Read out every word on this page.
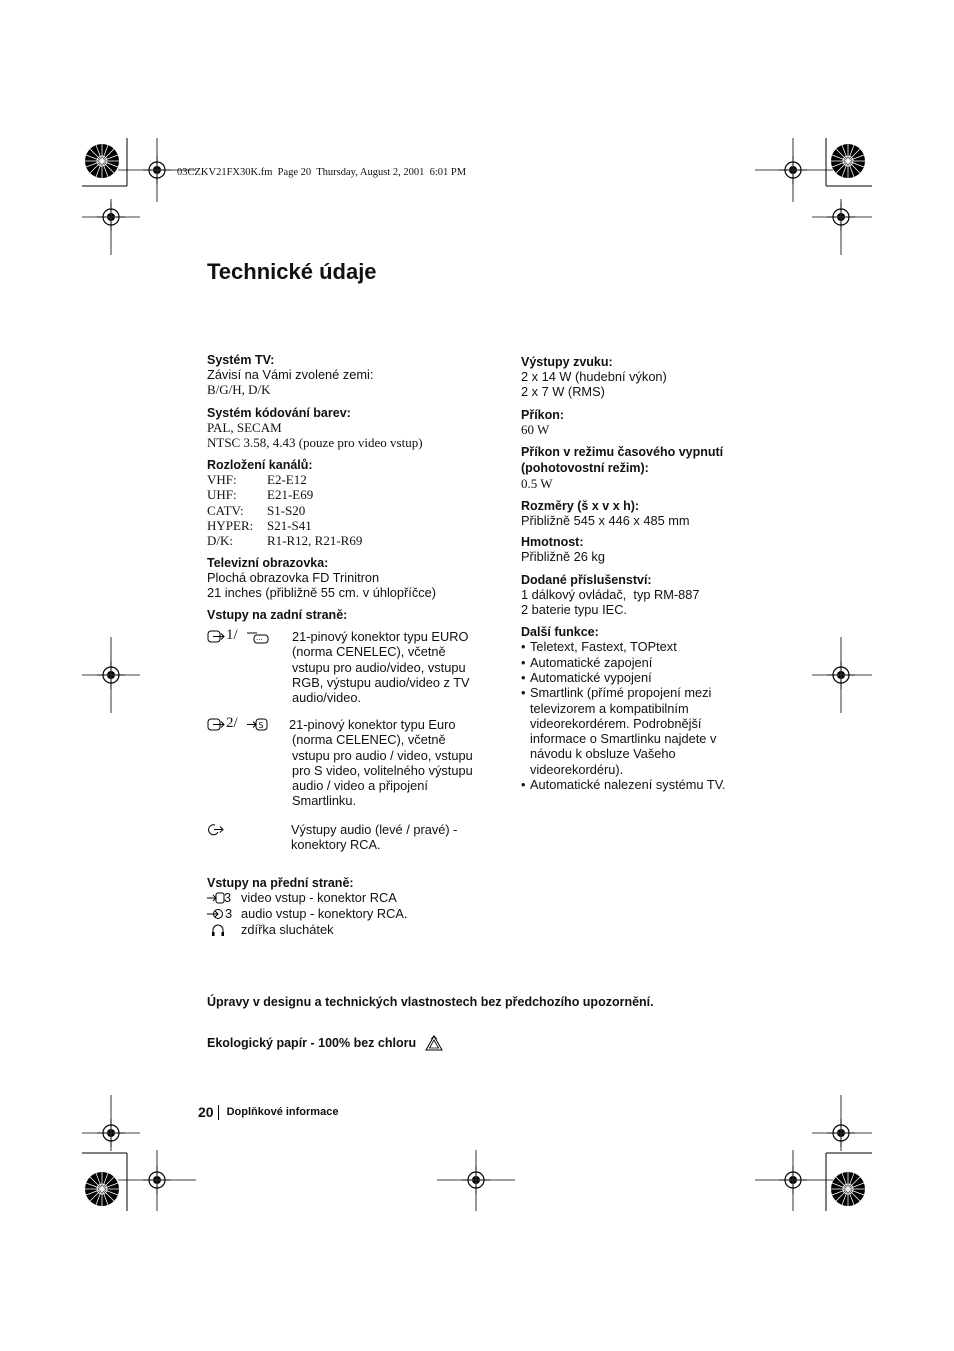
03CZKV21FX30K.fm  Page 20  Thursday, August 2, 2001  6:01 PM
Technické údaje
Systém TV:
Závisí na Vámi zvolené zemi:
B/G/H, D/K
Systém kódování barev:
PAL, SECAM
NTSC 3.58, 4.43 (pouze pro video vstup)
Rozložení kanálů:
VHF:	E2-E12
UHF:	E21-E69
CATV:	S1-S20
HYPER:	S21-S41
D/K:	R1-R12, R21-R69
Televizní obrazovka:
Plochá obrazovka FD Trinitron
21 inches (přibližně 55 cm. v úhlopříčce)
Vstupy na zadní straně:
1/	··· 21-pinový konektor typu EURO
(norma CENELEC), včetně
vstupu pro audio/video, vstupu
RGB, výstupu audio/video z TV
audio/video.
2/	S 21-pinový konektor typu Euro
(norma CELENEC), včetně
vstupu pro audio / video, vstupu
pro S video, volitelného výstupu
audio / video a připojení
Smartlinku.
Výstupy audio (levé / pravé) -
konektory RCA.
Vstupy na přední straně:
3 video vstup - konektor RCA
3 audio vstup - konektory RCA.
zdířka sluchátek
Výstupy zvuku:
2 x 14 W (hudební výkon)
2 x 7 W (RMS)
Příkon:
60 W
Příkon v režimu časového vypnutí
(pohotovostní režim):
0.5 W
Rozměry (š x v x h):
Přibližně 545 x 446 x 485 mm
Hmotnost:
Přibližně 26 kg
Dodané příslušenství:
1 dálkový ovládač,  typ RM-887
2 baterie typu IEC.
Další funkce:
• Teletext, Fastext, TOPtext
• Automatické zapojení
• Automatické vypojení
• Smartlink (přímé propojení mezi televizorem a kompatibilním videorekordérem. Podrobnější informace o Smartlinku najdete v návodu k obsluze Vašeho videorekordéru).
• Automatické nalezení systému TV.
Úpravy v designu a technických vlastnostech bez předchozího upozornění.
Ekologický papír - 100% bez chloru
20 Doplňkové informace
